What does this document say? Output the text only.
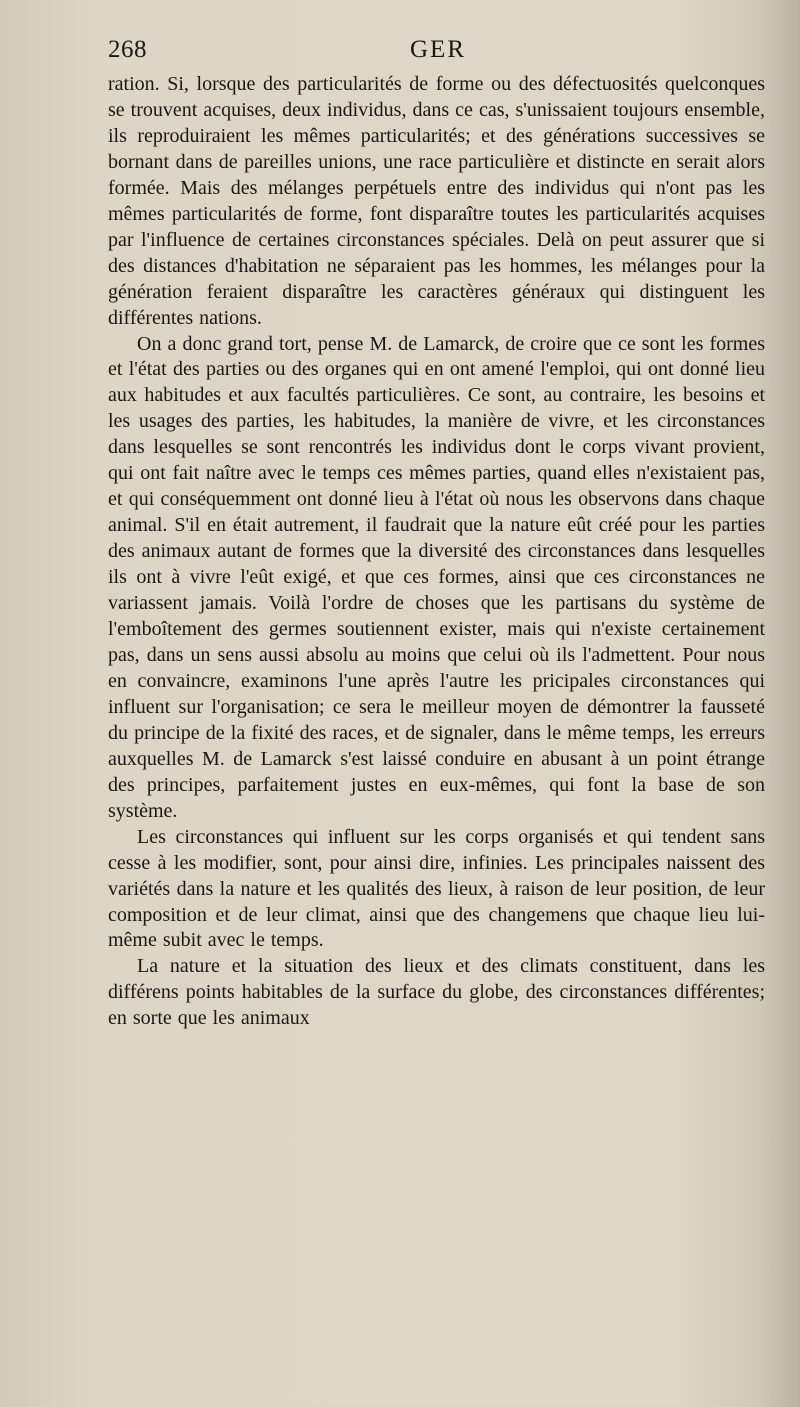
268	GER

ration. Si, lorsque des particularités de forme ou des défectuosités quelconques se trouvent acquises, deux individus, dans ce cas, s'unissaient toujours ensemble, ils reproduiraient les mêmes particularités; et des générations successives se bornant dans de pareilles unions, une race particulière et distincte en serait alors formée. Mais des mélanges perpétuels entre des individus qui n'ont pas les mêmes particularités de forme, font disparaître toutes les particularités acquises par l'influence de certaines circonstances spéciales. Delà on peut assurer que si des distances d'habitation ne séparaient pas les hommes, les mélanges pour la génération feraient disparaître les caractères généraux qui distinguent les différentes nations.

On a donc grand tort, pense M. de Lamarck, de croire que ce sont les formes et l'état des parties ou des organes qui en ont amené l'emploi, qui ont donné lieu aux habitudes et aux facultés particulières. Ce sont, au contraire, les besoins et les usages des parties, les habitudes, la manière de vivre, et les circonstances dans lesquelles se sont rencontrés les individus dont le corps vivant provient, qui ont fait naître avec le temps ces mêmes parties, quand elles n'existaient pas, et qui conséquemment ont donné lieu à l'état où nous les observons dans chaque animal. S'il en était autrement, il faudrait que la nature eût créé pour les parties des animaux autant de formes que la diversité des circonstances dans lesquelles ils ont à vivre l'eût exigé, et que ces formes, ainsi que ces circonstances ne variassent jamais. Voilà l'ordre de choses que les partisans du système de l'emboîtement des germes soutiennent exister, mais qui n'existe certainement pas, dans un sens aussi absolu au moins que celui où ils l'admettent. Pour nous en convaincre, examinons l'une après l'autre les pricipales circonstances qui influent sur l'organisation; ce sera le meilleur moyen de démontrer la fausseté du principe de la fixité des races, et de signaler, dans le même temps, les erreurs auxquelles M. de Lamarck s'est laissé conduire en abusant à un point étrange des principes, parfaitement justes en eux-mêmes, qui font la base de son système.

Les circonstances qui influent sur les corps organisés et qui tendent sans cesse à les modifier, sont, pour ainsi dire, infinies. Les principales naissent des variétés dans la nature et les qualités des lieux, à raison de leur position, de leur composition et de leur climat, ainsi que des changemens que chaque lieu lui-même subit avec le temps.

La nature et la situation des lieux et des climats constituent, dans les différens points habitables de la surface du globe, des circonstances différentes; en sorte que les animaux
